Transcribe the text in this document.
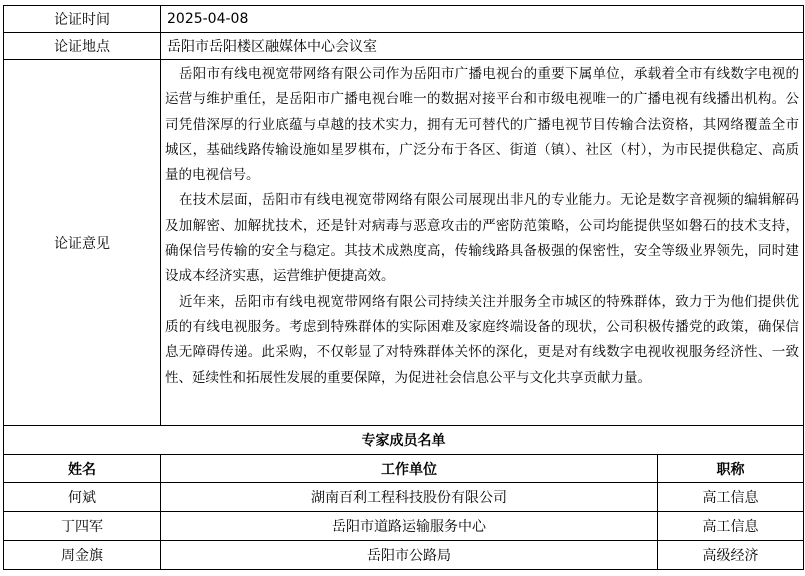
论证时间	2025-04-08	
论证地点	岳阳市岳阳楼区融媒体中心会议室	
论证意见	岳阳市有线电视宽带网络有限公司作为岳阳市广播电视台的重要下属单位，承载着全市有线数字电视的运营与维护重任，是岳阳市广播电视台唯一的数据对接平台和市级电视唯一的广播电视有线播出机构。公司凭借深厚的行业底蕴与卓越的技术实力，拥有无可替代的广播电视节目传输合法资格，其网络覆盖全市城区，基础线路传输设施如星罗棋布，广泛分布于各区、街道（镇）、社区（村），为市民提供稳定、高质量的电视信号。

在技术层面，岳阳市有线电视宽带网络有限公司展现出非凡的专业能力。无论是数字音视频的编辑解码及加解密、加解扰技术，还是针对病毒与恶意攻击的严密防范策略，公司均能提供坚如磐石的技术支持，确保信号传输的安全与稳定。其技术成熟度高，传输线路具备极强的保密性，安全等级业界领先，同时建设成本经济实惠，运营维护便捷高效。

近年来，岳阳市有线电视宽带网络有限公司持续关注并服务全市城区的特殊群体，致力于为他们提供优质的有线电视服务。考虑到特殊群体的实际困难及家庭终端设备的现状，公司积极传播党的政策，确保信息无障碍传递。此采购，不仅彰显了对特殊群体关怀的深化，更是对有线数字电视收视服务经济性、一致性、延续性和拓展性发展的重要保障，为促进社会信息公平与文化共享贡献力量。	

专家成员名单		
姓名	工作单位	职称
何斌	湖南百利工程科技股份有限公司	高工信息
丁四军	岳阳市道路运输服务中心	高工信息
周金旗	岳阳市公路局	高级经济
